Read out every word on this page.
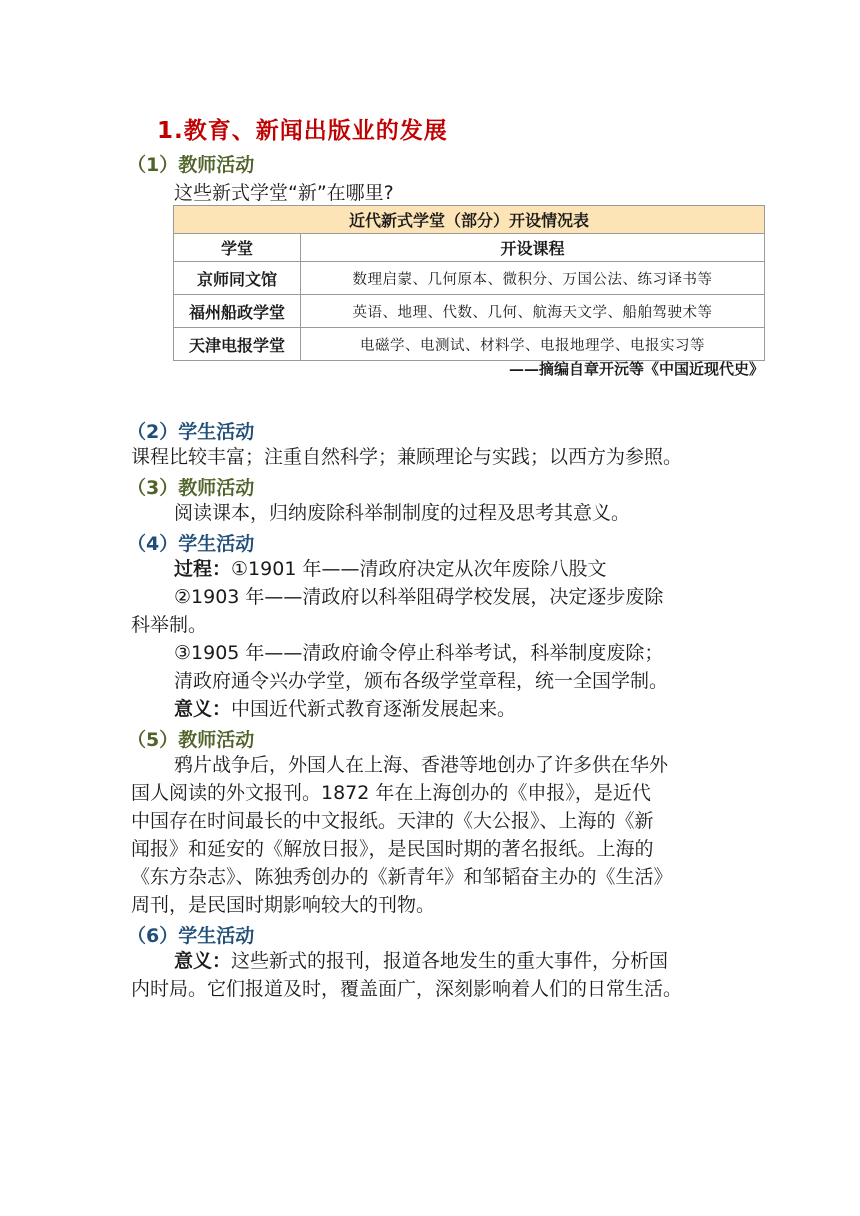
1.教育、新闻出版业的发展
（1）教师活动
这些新式学堂“新”在哪里?
近代新式学堂（部分）开设情况表	
学堂	开设课程
京师同文馆	数理启蒙、几何原本、微积分、万国公法、练习译书等
福州船政学堂	英语、地理、代数、几何、航海天文学、船舶驾驶术等
天津电报学堂	电磁学、电测试、材料学、电报地理学、电报实习等
——摘编自章开沅等《中国近现代史》
（2）学生活动
课程比较丰富；注重自然科学；兼顾理论与实践；以西方为参照。
（3）教师活动
阅读课本，归纳废除科举制制度的过程及思考其意义。
（4）学生活动
过程：①1901 年——清政府决定从次年废除八股文
②1903 年——清政府以科举阻碍学校发展，决定逐步废除
科举制。
③1905 年——清政府谕令停止科举考试，科举制度废除；
清政府通令兴办学堂，颁布各级学堂章程，统一全国学制。
意义：中国近代新式教育逐渐发展起来。
（5）教师活动
鸦片战争后，外国人在上海、香港等地创办了许多供在华外
国人阅读的外文报刊。1872 年在上海创办的《申报》，是近代
中国存在时间最长的中文报纸。天津的《大公报》、上海的《新
闻报》和延安的《解放日报》，是民国时期的著名报纸。上海的
《东方杂志》、陈独秀创办的《新青年》和邹韬奋主办的《生活》
周刊，是民国时期影响较大的刊物。
（6）学生活动
意义：这些新式的报刊，报道各地发生的重大事件，分析国
内时局。它们报道及时，覆盖面广，深刻影响着人们的日常生活。
